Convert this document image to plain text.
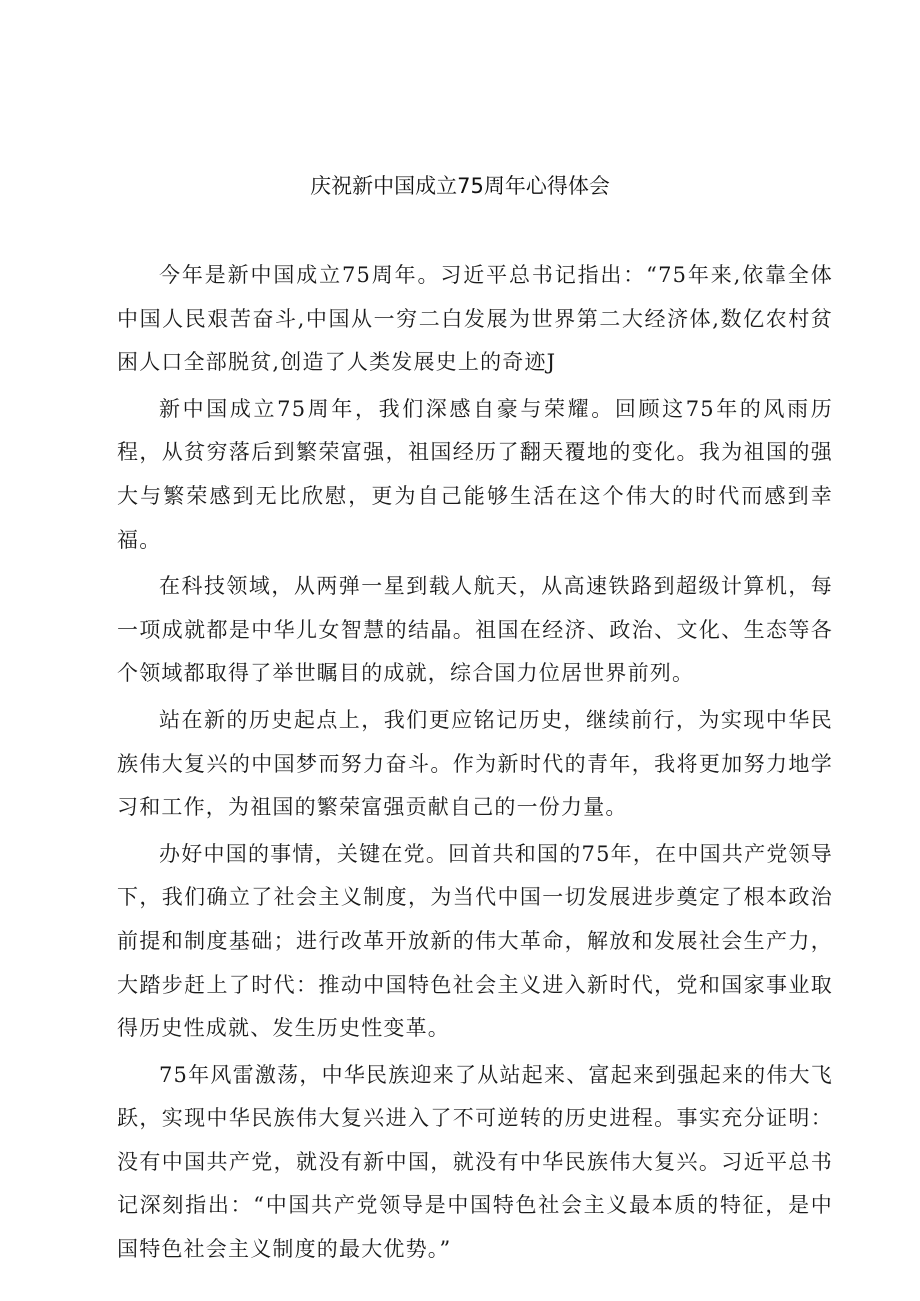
庆祝新中国成立75周年心得体会

今年是新中国成立75周年。习近平总书记指出：“75年来,依靠全体中国人民艰苦奋斗,中国从一穷二白发展为世界第二大经济体,数亿农村贫困人口全部脱贫,创造了人类发展史上的奇迹J

新中国成立75周年，我们深感自豪与荣耀。回顾这75年的风雨历程，从贫穷落后到繁荣富强，祖国经历了翻天覆地的变化。我为祖国的强大与繁荣感到无比欣慰，更为自己能够生活在这个伟大的时代而感到幸福。

在科技领域，从两弹一星到载人航天，从高速铁路到超级计算机，每一项成就都是中华儿女智慧的结晶。祖国在经济、政治、文化、生态等各个领域都取得了举世瞩目的成就，综合国力位居世界前列。

站在新的历史起点上，我们更应铭记历史，继续前行，为实现中华民族伟大复兴的中国梦而努力奋斗。作为新时代的青年，我将更加努力地学习和工作，为祖国的繁荣富强贡献自己的一份力量。

办好中国的事情，关键在党。回首共和国的75年，在中国共产党领导下，我们确立了社会主义制度，为当代中国一切发展进步奠定了根本政治前提和制度基础；进行改革开放新的伟大革命，解放和发展社会生产力，大踏步赶上了时代：推动中国特色社会主义进入新时代，党和国家事业取得历史性成就、发生历史性变革。

75年风雷激荡，中华民族迎来了从站起来、富起来到强起来的伟大飞跃，实现中华民族伟大复兴进入了不可逆转的历史进程。事实充分证明：没有中国共产党，就没有新中国，就没有中华民族伟大复兴。习近平总书记深刻指出：“中国共产党领导是中国特色社会主义最本质的特征，是中国特色社会主义制度的最大优势。”
